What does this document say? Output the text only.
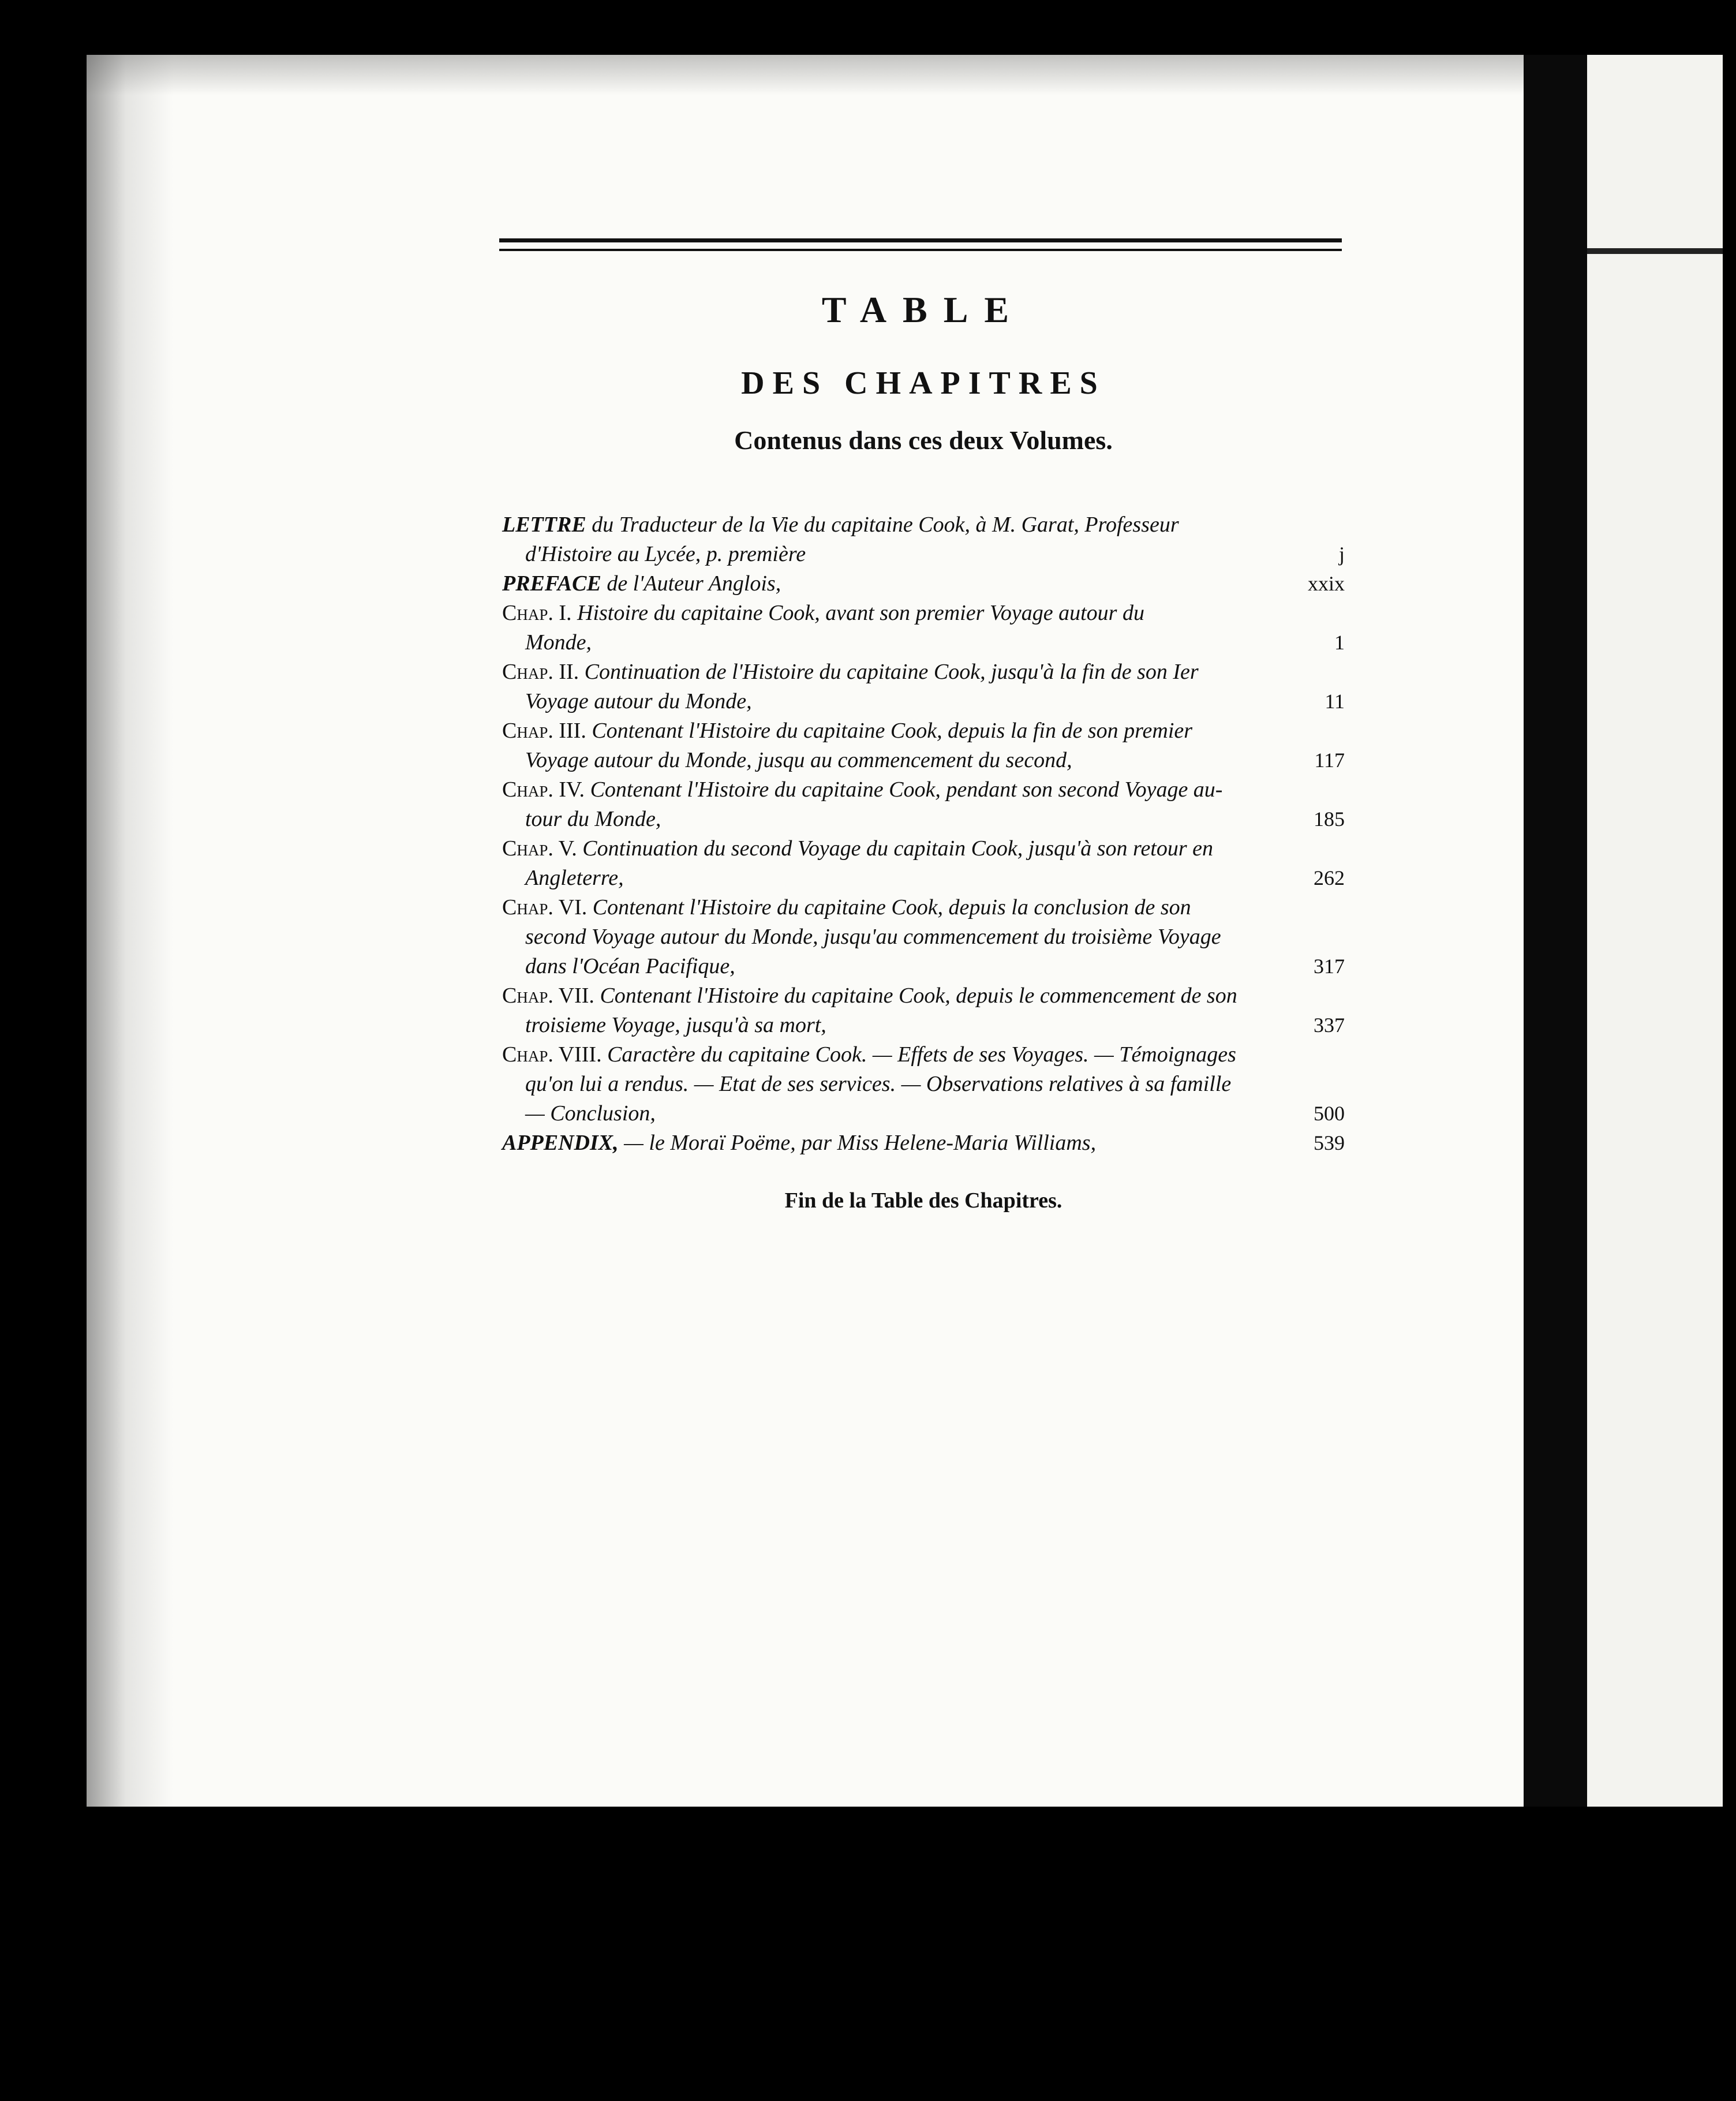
TABLE
DES CHAPITRES
Contenus dans ces deux Volumes.
LETTRE du Traducteur de la Vie du capitaine Cook, à M. Garat, Professeur
d'Histoire au Lycée, p. première	j
PREFACE de l'Auteur Anglois,	xxix
Chap. I. Histoire du capitaine Cook, avant son premier Voyage autour du
Monde,	1
Chap. II. Continuation de l'Histoire du capitaine Cook, jusqu'à la fin de son Ier
Voyage autour du Monde,	11
Chap. III. Contenant l'Histoire du capitaine Cook, depuis la fin de son premier
Voyage autour du Monde, jusqu au commencement du second,	117
Chap. IV. Contenant l'Histoire du capitaine Cook, pendant son second Voyage au-
tour du Monde,	185
Chap. V. Continuation du second Voyage du capitain Cook, jusqu'à son retour en
Angleterre,	262
Chap. VI. Contenant l'Histoire du capitaine Cook, depuis la conclusion de son
second Voyage autour du Monde, jusqu'au commencement du troisième Voyage
dans l'Océan Pacifique,	317
Chap. VII. Contenant l'Histoire du capitaine Cook, depuis le commencement de son
troisieme Voyage, jusqu'à sa mort,	337
Chap. VIII. Caractère du capitaine Cook. — Effets de ses Voyages. — Témoignages
qu'on lui a rendus. — Etat de ses services. — Observations relatives à sa famille
— Conclusion,	500
APPENDIX, — le Moraï Poëme, par Miss Helene-Maria Williams,	539
Fin de la Table des Chapitres.
